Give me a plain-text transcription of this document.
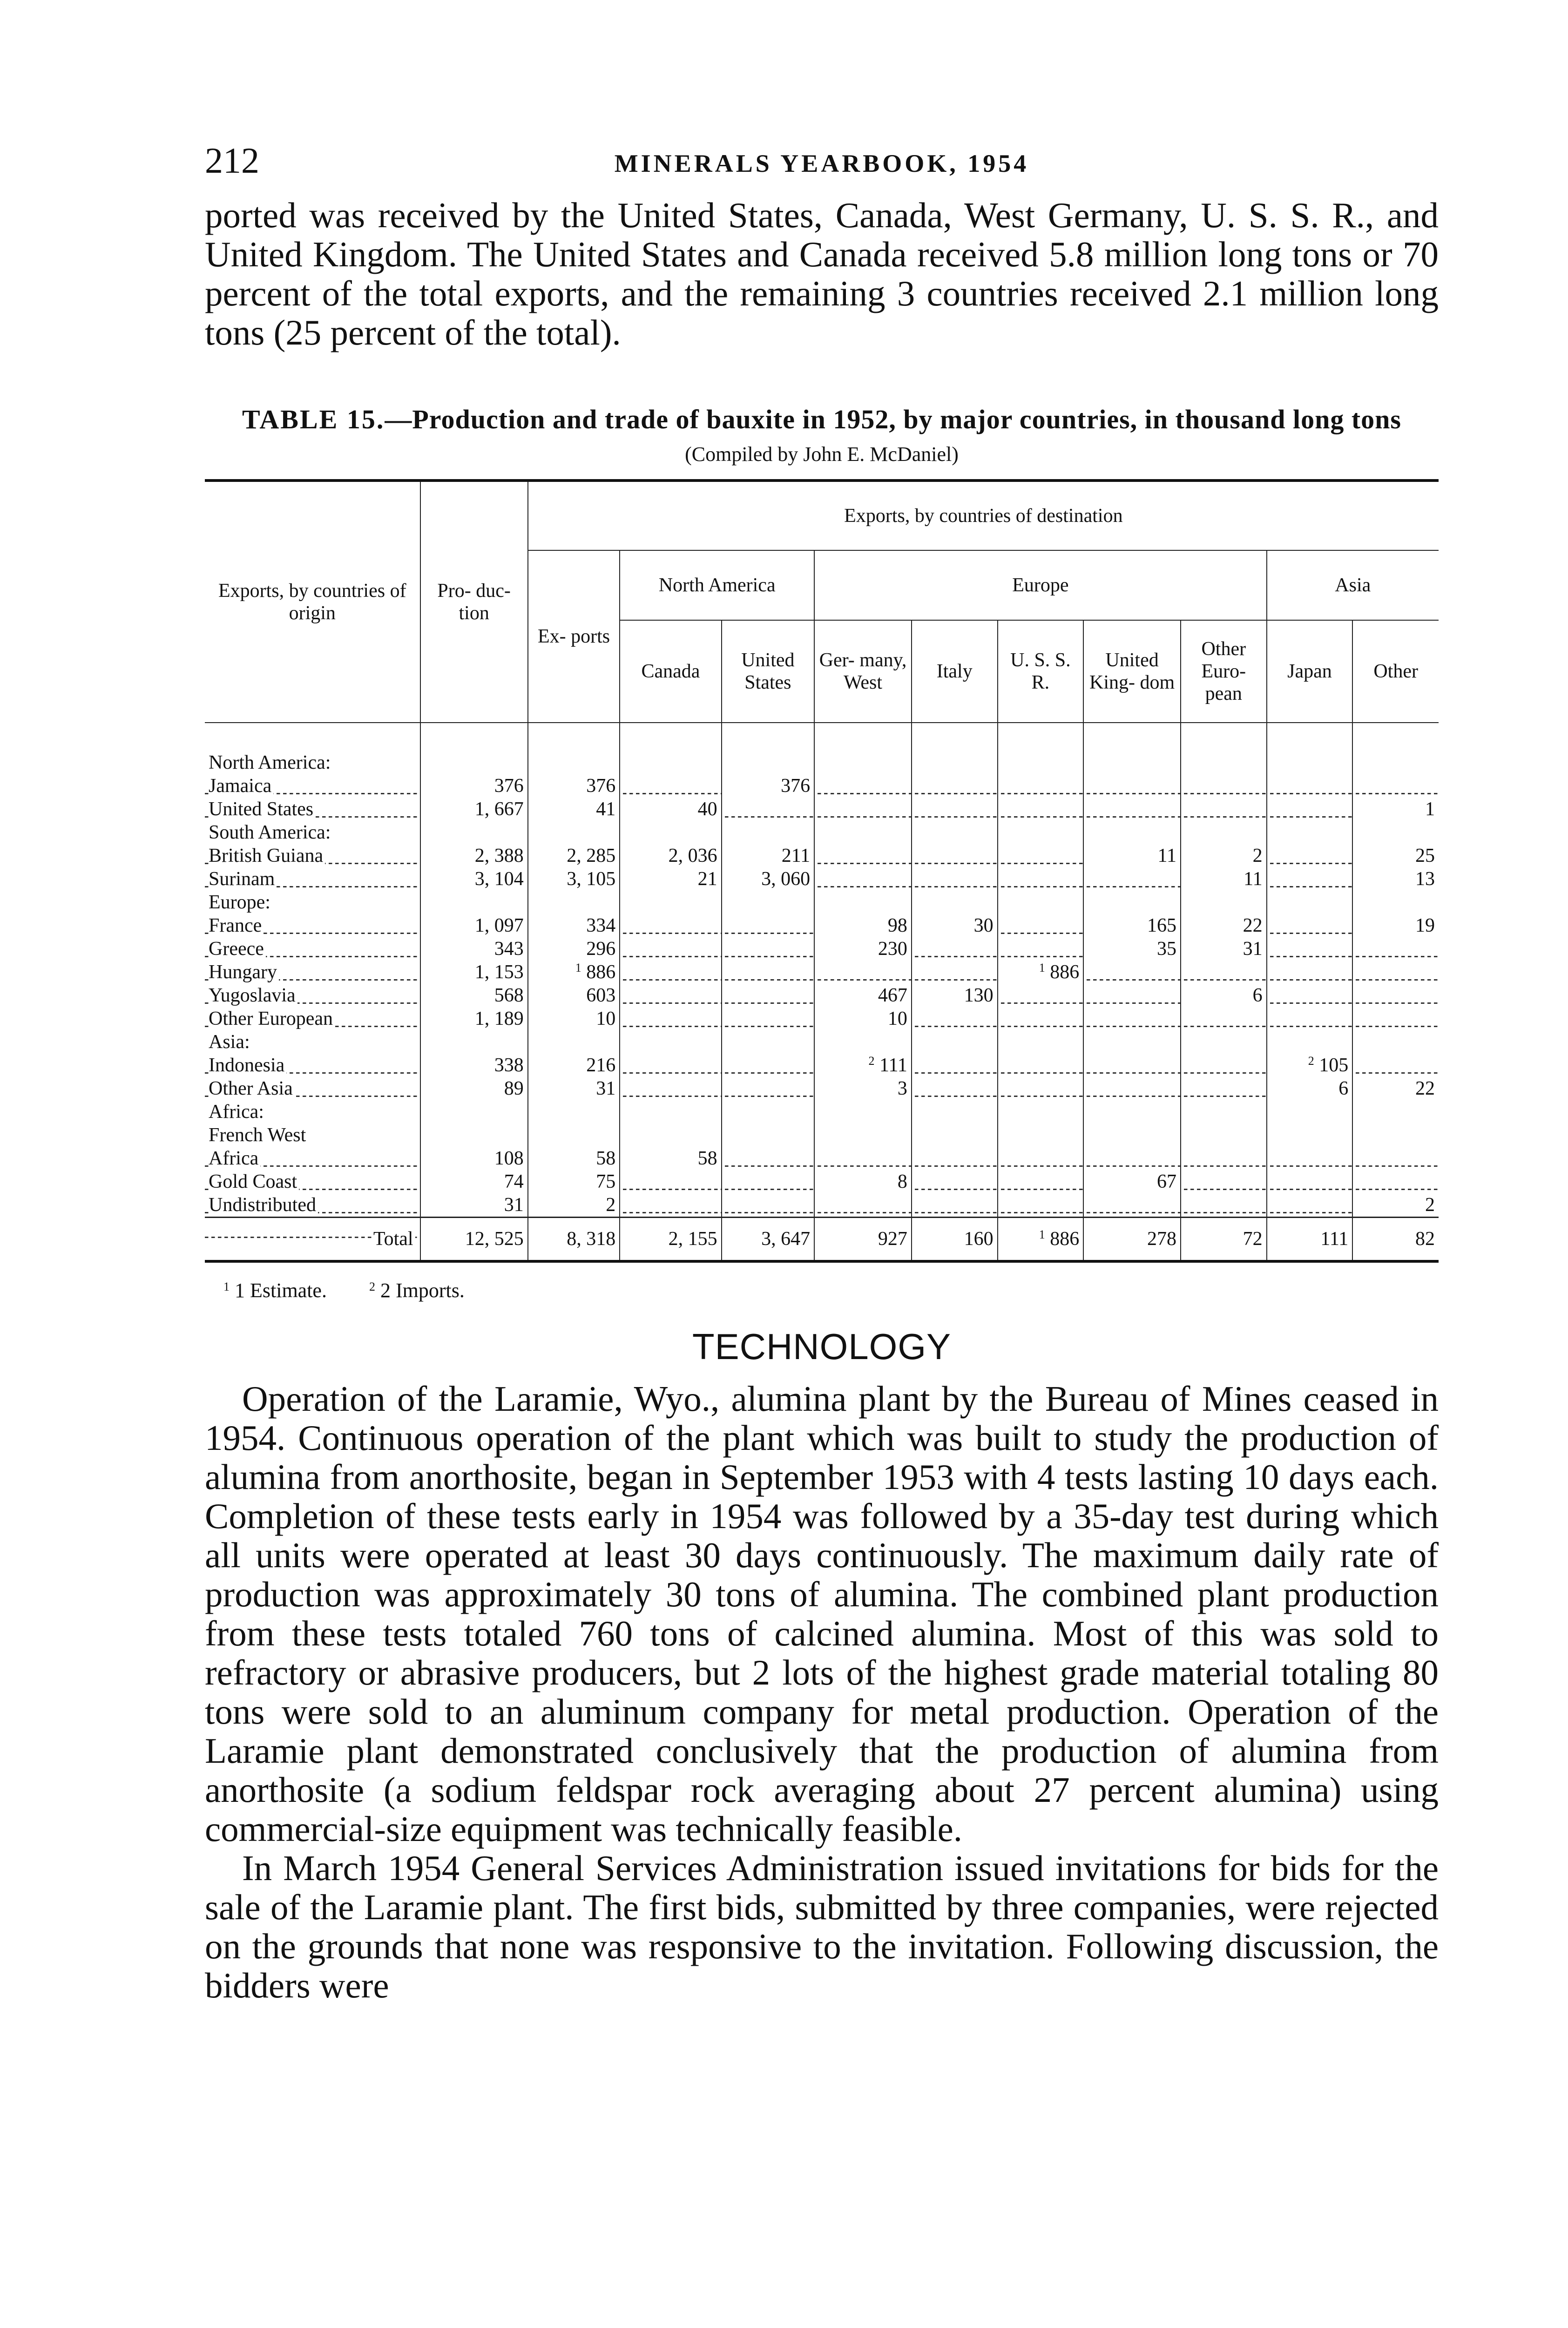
212	MINERALS YEARBOOK, 1954

ported was received by the United States, Canada, West Germany, U. S. S. R., and United Kingdom. The United States and Canada received 5.8 million long tons or 70 percent of the total exports, and the remaining 3 countries received 2.1 million long tons (25 percent of the total).

TABLE 15.—Production and trade of bauxite in 1952, by major countries, in thousand long tons
(Compiled by John E. McDaniel)
Exports, by countries of origin	Pro- duc- tion	Exports, by countries of destination									
		Ex- ports	North America		Europe					Asia	
			Canada	United States	Ger- many, West	Italy	U. S. S. R.	United King- dom	Other Euro- pean	Japan	Other
North America:											
Jamaica	376	376		376							
United States	1, 667	41	40								1
South America:											
British Guiana	2, 388	2, 285	2, 036	211				11	2		25
Surinam	3, 104	3, 105	21	3, 060					11		13
Europe:											
France	1, 097	334			98	30		165	22		19
Greece	343	296			230			35	31		
Hungary	1, 153	$^1$ 886					$^1$ 886				
Yugoslavia	568	603			467	130			6		
Other European	1, 189	10			10						
Asia:											
Indonesia	338	216			$^2$ 111					$^2$ 105	
Other Asia	89	31			3					6	22
Africa:											
French West											
Africa	108	58	58								
Gold Coast	74	75			8			67			
Undistributed	31	2									2
Total	12, 525	8, 318	2, 155	3, 647	927	160	$^1$ 886	278	72	111	82
$^1$ 1 Estimate.	$^2$ 2 Imports.
TECHNOLOGY

Operation of the Laramie, Wyo., alumina plant by the Bureau of Mines ceased in 1954. Continuous operation of the plant which was built to study the production of alumina from anorthosite, began in September 1953 with 4 tests lasting 10 days each. Completion of these tests early in 1954 was followed by a 35-day test during which all units were operated at least 30 days continuously. The maximum daily rate of production was approximately 30 tons of alumina. The combined plant production from these tests totaled 760 tons of calcined alumina. Most of this was sold to refractory or abrasive producers, but 2 lots of the highest grade material totaling 80 tons were sold to an aluminum company for metal production. Operation of the Laramie plant demonstrated conclusively that the production of alumina from anorthosite (a sodium feldspar rock averaging about 27 percent alumina) using commercial-size equipment was technically feasible.

In March 1954 General Services Administration issued invitations for bids for the sale of the Laramie plant. The first bids, submitted by three companies, were rejected on the grounds that none was responsive to the invitation. Following discussion, the bidders were
